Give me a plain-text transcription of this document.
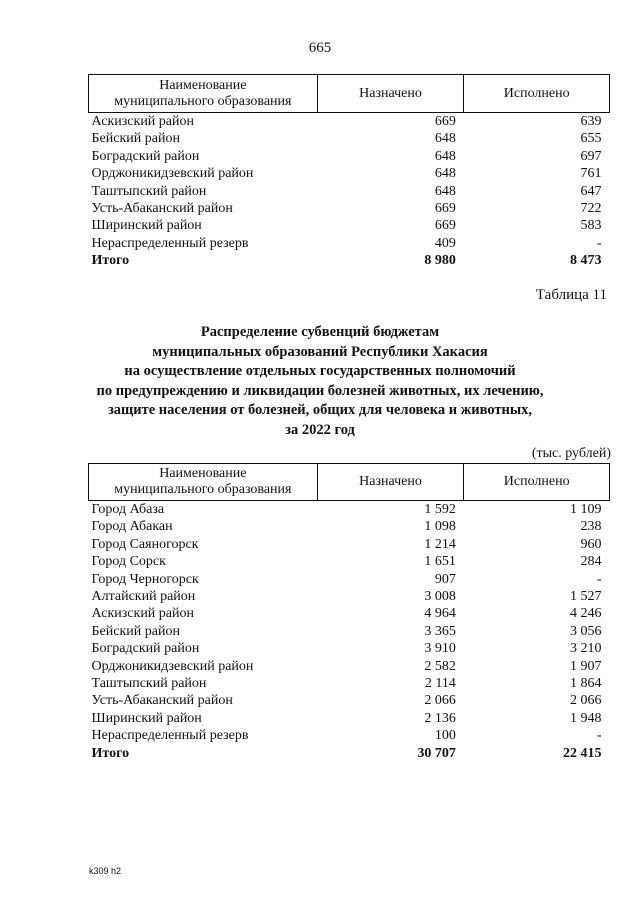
665
Наименование
муниципального образования	Назначено	Исполнено
Аскизский район	669	639
Бейский район	648	655
Боградский район	648	697
Орджоникидзевский район	648	761
Таштыпский район	648	647
Усть-Абаканский район	669	722
Ширинский район	669	583
Нераспределенный резерв	409	-
Итого	8 980	8 473
Таблица 11
Распределение субвенций бюджетам
муниципальных образований Республики Хакасия
на осуществление отдельных государственных полномочий
по предупреждению и ликвидации болезней животных, их лечению,
защите населения от болезней, общих для человека и животных,
за 2022 год
(тыс. рублей)
Наименование
муниципального образования	Назначено	Исполнено
Город Абаза	1 592	1 109
Город Абакан	1 098	238
Город Саяногорск	1 214	960
Город Сорск	1 651	284
Город Черногорск	907	-
Алтайский район	3 008	1 527
Аскизский район	4 964	4 246
Бейский район	3 365	3 056
Боградский район	3 910	3 210
Орджоникидзевский район	2 582	1 907
Таштыпский район	2 114	1 864
Усть-Абаканский район	2 066	2 066
Ширинский район	2 136	1 948
Нераспределенный резерв	100	-
Итого	30 707	22 415
k309 h2
